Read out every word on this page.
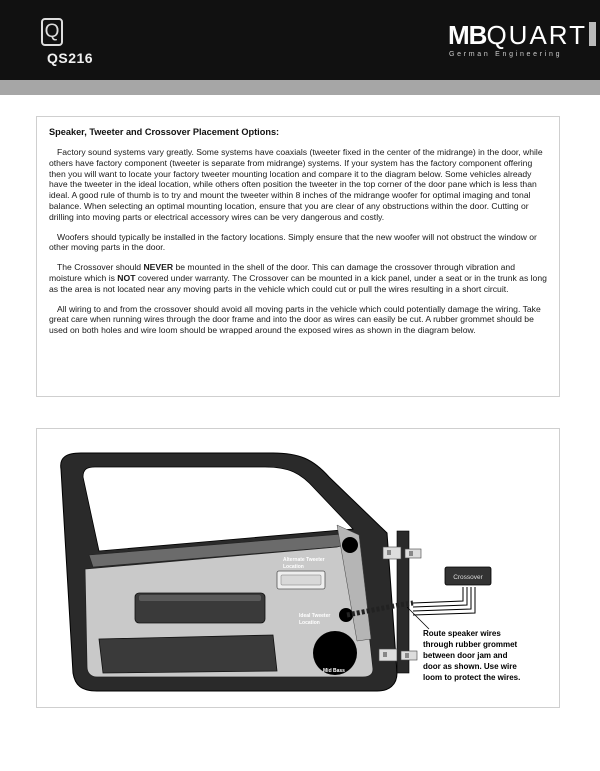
Q
QS216
MBQUART
German Engineering

Speaker, Tweeter and Crossover Placement Options:

Factory sound systems vary greatly. Some systems have coaxials (tweeter fixed in the center of the midrange) in the door, while others have factory component (tweeter is separate from midrange) systems. If your system has the factory component offering then you will want to locate your factory tweeter mounting location and compare it to the diagram below. Some vehicles already have the tweeter in the ideal location, while others often position the tweeter in the top corner of the door pane which is less than ideal. A good rule of thumb is to try and mount the tweeter within 8 inches of the midrange woofer for optimal imaging and tonal balance. When selecting an optimal mounting location, ensure that you are clear of any obstructions within the door. Cutting or drilling into moving parts or electrical accessory wires can be very dangerous and costly.

Woofers should typically be installed in the factory locations. Simply ensure that the new woofer will not obstruct the window or other moving parts in the door.

The Crossover should NEVER be mounted in the shell of the door. This can damage the crossover through vibration and moisture which is NOT covered under warranty. The Crossover can be mounted in a kick panel, under a seat or in the trunk as long as the area is not located near any moving parts in the vehicle which could cut or pull the wires resulting in a short circuit.

All wiring to and from the crossover should avoid all moving parts in the vehicle which could potentially damage the wiring. Take great care when running wires through the door frame and into the door as wires can easily be cut. A rubber grommet should be used on both holes and wire loom should be wrapped around the exposed wires as shown in the diagram below.

Crossover
Alternate Tweeter
Location
Ideal Tweeter
Location
Mid Bass
Route speaker wires
through rubber grommet
between door jam and
door as shown. Use wire
loom to protect the wires.
